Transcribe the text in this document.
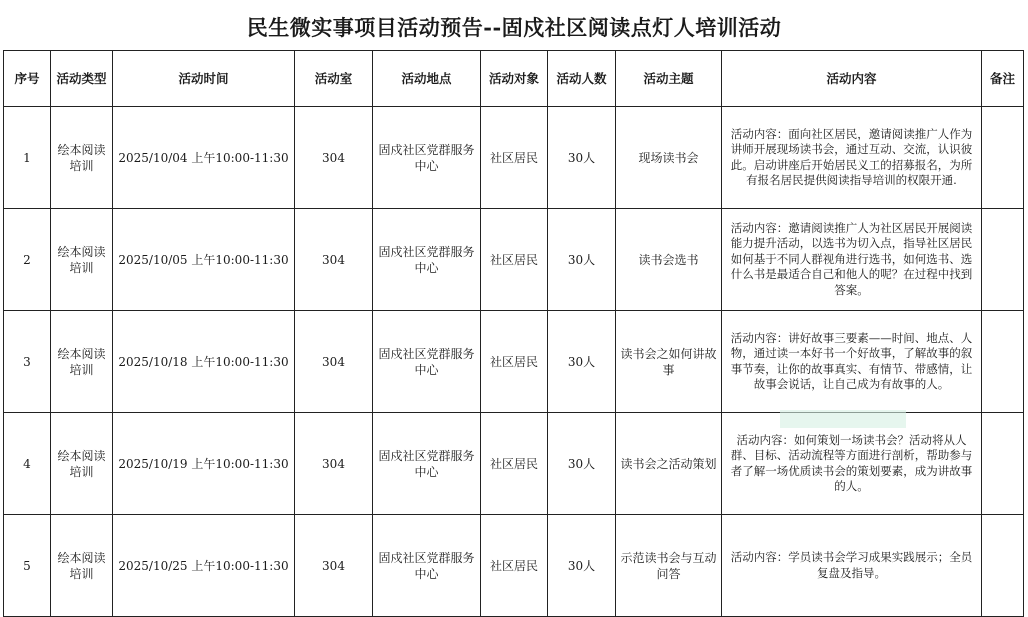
民生微实事项目活动预告--固戍社区阅读点灯人培训活动
序号	活动类型	活动时间	活动室	活动地点	活动对象	活动人数	活动主题	活动内容	备注
1	绘本阅读培训	2025/10/04 上午10:00-11:30	304	固戍社区党群服务中心	社区居民	30人	现场读书会	活动内容：面向社区居民，邀请阅读推广人作为讲师开展现场读书会，通过互动、交流，认识彼此。启动讲座后开始居民义工的招募报名，为所有报名居民提供阅读指导培训的权限开通.	
2	绘本阅读培训	2025/10/05 上午10:00-11:30	304	固戍社区党群服务中心	社区居民	30人	读书会选书	活动内容：邀请阅读推广人为社区居民开展阅读能力提升活动，以选书为切入点，指导社区居民如何基于不同人群视角进行选书，如何选书、选什么书是最适合自己和他人的呢？在过程中找到答案。	
3	绘本阅读培训	2025/10/18 上午10:00-11:30	304	固戍社区党群服务中心	社区居民	30人	读书会之如何讲故事	活动内容：讲好故事三要素——时间、地点、人物，通过读一本好书一个好故事，了解故事的叙事节奏，让你的故事真实、有情节、带感情，让故事会说话，让自己成为有故事的人。	
4	绘本阅读培训	2025/10/19 上午10:00-11:30	304	固戍社区党群服务中心	社区居民	30人	读书会之活动策划	活动内容：如何策划一场读书会？活动将从人群、目标、活动流程等方面进行剖析，帮助参与者了解一场优质读书会的策划要素，成为讲故事的人。	
5	绘本阅读培训	2025/10/25 上午10:00-11:30	304	固戍社区党群服务中心	社区居民	30人	示范读书会与互动问答	活动内容：学员读书会学习成果实践展示；全员复盘及指导。	
